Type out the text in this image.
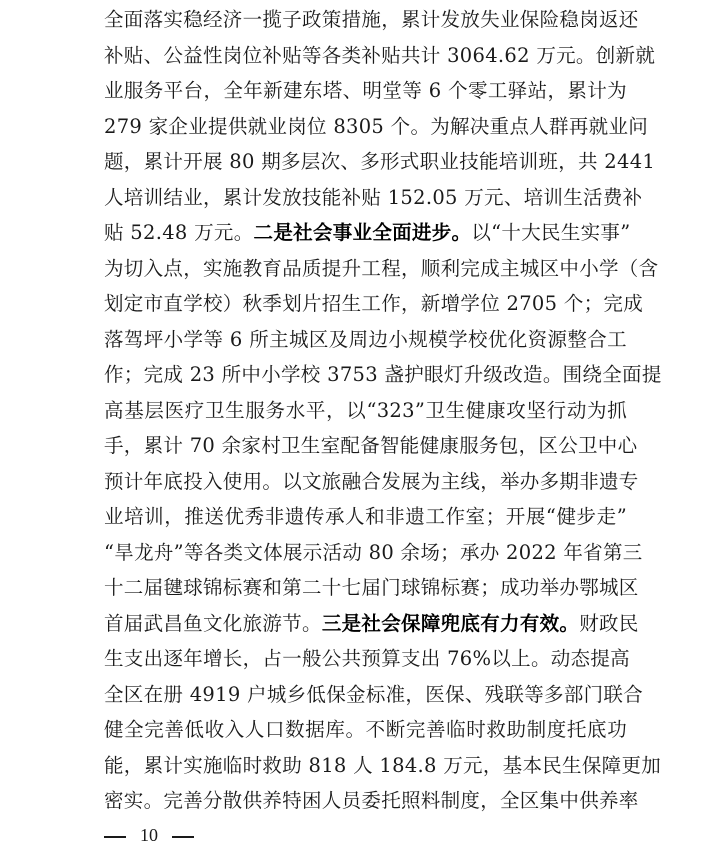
全面落实稳经济一揽子政策措施，累计发放失业保险稳岗返还
补贴、公益性岗位补贴等各类补贴共计 3064.62 万元。创新就
业服务平台，全年新建东塔、明堂等 6 个零工驿站，累计为
279 家企业提供就业岗位 8305 个。为解决重点人群再就业问
题，累计开展 80 期多层次、多形式职业技能培训班，共 2441
人培训结业，累计发放技能补贴 152.05 万元、培训生活费补
贴 52.48 万元。二是社会事业全面进步。以“十大民生实事”
为切入点，实施教育品质提升工程，顺利完成主城区中小学（含
划定市直学校）秋季划片招生工作，新增学位 2705 个；完成
落驾坪小学等 6 所主城区及周边小规模学校优化资源整合工
作；完成 23 所中小学校 3753 盏护眼灯升级改造。围绕全面提
高基层医疗卫生服务水平，以“323”卫生健康攻坚行动为抓
手，累计 70 余家村卫生室配备智能健康服务包，区公卫中心
预计年底投入使用。以文旅融合发展为主线，举办多期非遗专
业培训，推送优秀非遗传承人和非遗工作室；开展“健步走”
“旱龙舟”等各类文体展示活动 80 余场；承办 2022 年省第三
十二届毽球锦标赛和第二十七届门球锦标赛；成功举办鄂城区
首届武昌鱼文化旅游节。三是社会保障兜底有力有效。财政民
生支出逐年增长，占一般公共预算支出 76%以上。动态提高
全区在册 4919 户城乡低保金标准，医保、残联等多部门联合
健全完善低收入人口数据库。不断完善临时救助制度托底功
能，累计实施临时救助 818 人 184.8 万元，基本民生保障更加
密实。完善分散供养特困人员委托照料制度，全区集中供养率
10
